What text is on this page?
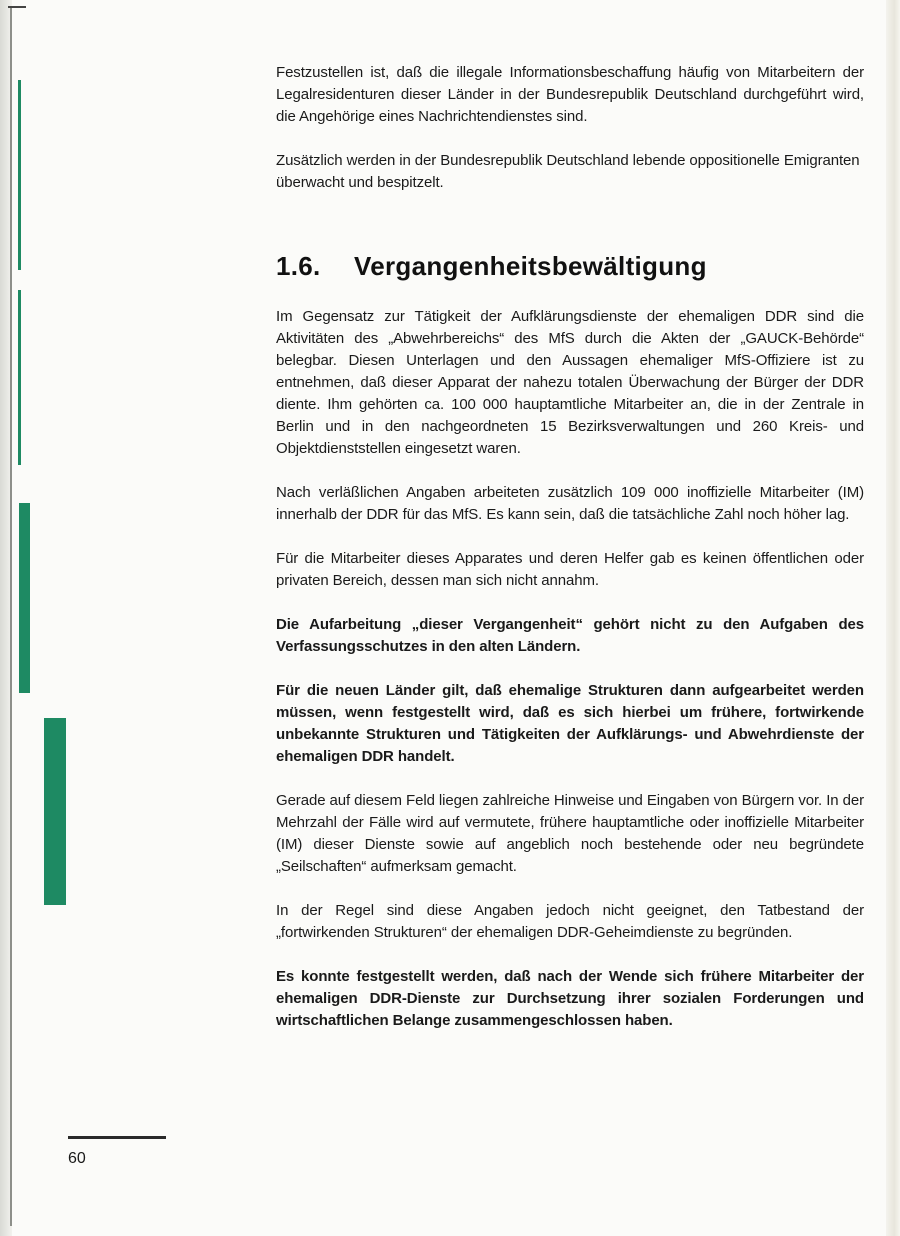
Festzustellen ist, daß die illegale Informationsbeschaffung häufig von Mitarbeitern der Legalresidenturen dieser Länder in der Bundesrepublik Deutschland durchgeführt wird, die Angehörige eines Nachrichtendienstes sind.

Zusätzlich werden in der Bundesrepublik Deutschland lebende oppositionelle Emigranten überwacht und bespitzelt.

1.6. Vergangenheitsbewältigung

Im Gegensatz zur Tätigkeit der Aufklärungsdienste der ehemaligen DDR sind die Aktivitäten des „Abwehrbereichs“ des MfS durch die Akten der „GAUCK-Behörde“ belegbar. Diesen Unterlagen und den Aussagen ehemaliger MfS-Offiziere ist zu entnehmen, daß dieser Apparat der nahezu totalen Überwachung der Bürger der DDR diente. Ihm gehörten ca. 100 000 hauptamtliche Mitarbeiter an, die in der Zentrale in Berlin und in den nachgeordneten 15 Bezirksverwaltungen und 260 Kreis- und Objektdienststellen eingesetzt waren.

Nach verläßlichen Angaben arbeiteten zusätzlich 109 000 inoffizielle Mitarbeiter (IM) innerhalb der DDR für das MfS. Es kann sein, daß die tatsächliche Zahl noch höher lag.

Für die Mitarbeiter dieses Apparates und deren Helfer gab es keinen öffentlichen oder privaten Bereich, dessen man sich nicht annahm.

Die Aufarbeitung „dieser Vergangenheit“ gehört nicht zu den Aufgaben des Verfassungsschutzes in den alten Ländern.

Für die neuen Länder gilt, daß ehemalige Strukturen dann aufgearbeitet werden müssen, wenn festgestellt wird, daß es sich hierbei um frühere, fortwirkende unbekannte Strukturen und Tätigkeiten der Aufklärungs- und Abwehrdienste der ehemaligen DDR handelt.

Gerade auf diesem Feld liegen zahlreiche Hinweise und Eingaben von Bürgern vor. In der Mehrzahl der Fälle wird auf vermutete, frühere hauptamtliche oder inoffizielle Mitarbeiter (IM) dieser Dienste sowie auf angeblich noch bestehende oder neu begründete „Seilschaften“ aufmerksam gemacht.

In der Regel sind diese Angaben jedoch nicht geeignet, den Tatbestand der „fortwirkenden Strukturen“ der ehemaligen DDR-Geheimdienste zu begründen.

Es konnte festgestellt werden, daß nach der Wende sich frühere Mitarbeiter der ehemaligen DDR-Dienste zur Durchsetzung ihrer sozialen Forderungen und wirtschaftlichen Belange zusammengeschlossen haben.

60
